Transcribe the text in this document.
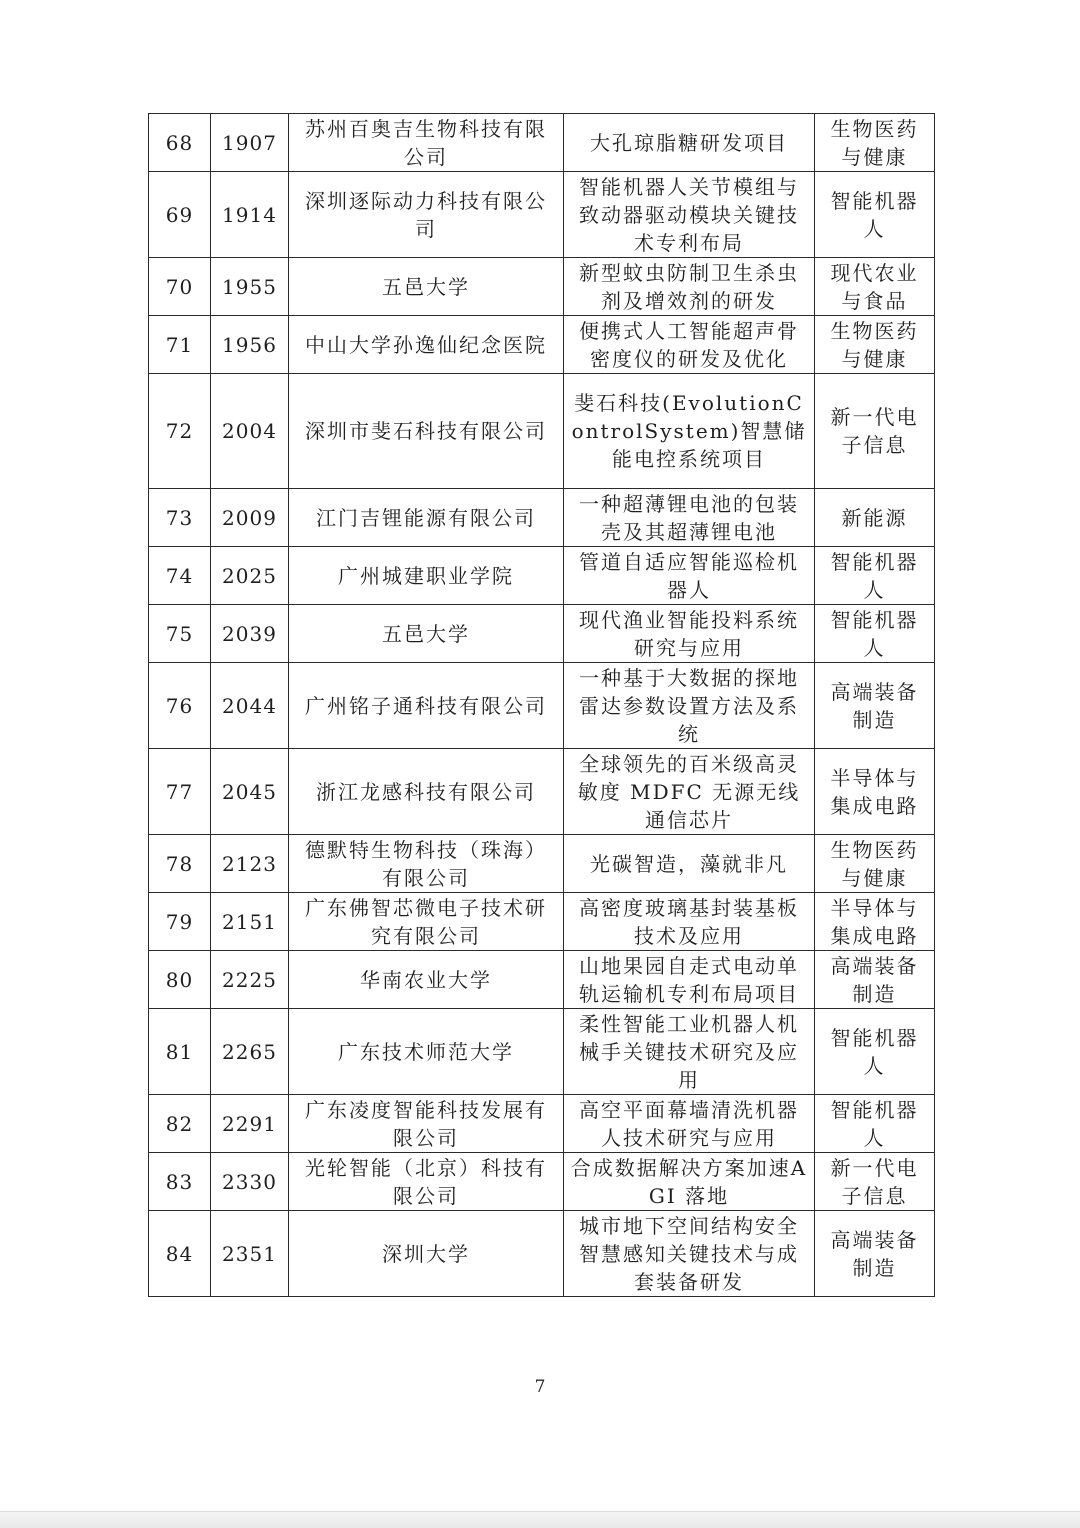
68	1907	苏州百奥吉生物科技有限公司	大孔琼脂糖研发项目	生物医药与健康
69	1914	深圳逐际动力科技有限公司	智能机器人关节模组与致动器驱动模块关键技术专利布局	智能机器人
70	1955	五邑大学	新型蚊虫防制卫生杀虫剂及增效剂的研发	现代农业与食品
71	1956	中山大学孙逸仙纪念医院	便携式人工智能超声骨密度仪的研发及优化	生物医药与健康
72	2004	深圳市斐石科技有限公司	斐石科技(EvolutionControlSystem)智慧储能电控系统项目	新一代电子信息
73	2009	江门吉锂能源有限公司	一种超薄锂电池的包装壳及其超薄锂电池	新能源
74	2025	广州城建职业学院	管道自适应智能巡检机器人	智能机器人
75	2039	五邑大学	现代渔业智能投料系统研究与应用	智能机器人
76	2044	广州铭子通科技有限公司	一种基于大数据的探地雷达参数设置方法及系统	高端装备制造
77	2045	浙江龙感科技有限公司	全球领先的百米级高灵敏度 MDFC 无源无线通信芯片	半导体与集成电路
78	2123	德默特生物科技（珠海）有限公司	光碳智造，藻就非凡	生物医药与健康
79	2151	广东佛智芯微电子技术研究有限公司	高密度玻璃基封装基板技术及应用	半导体与集成电路
80	2225	华南农业大学	山地果园自走式电动单轨运输机专利布局项目	高端装备制造
81	2265	广东技术师范大学	柔性智能工业机器人机械手关键技术研究及应用	智能机器人
82	2291	广东凌度智能科技发展有限公司	高空平面幕墙清洗机器人技术研究与应用	智能机器人
83	2330	光轮智能（北京）科技有限公司	合成数据解决方案加速AGI 落地	新一代电子信息
84	2351	深圳大学	城市地下空间结构安全智慧感知关键技术与成套装备研发	高端装备制造
7
